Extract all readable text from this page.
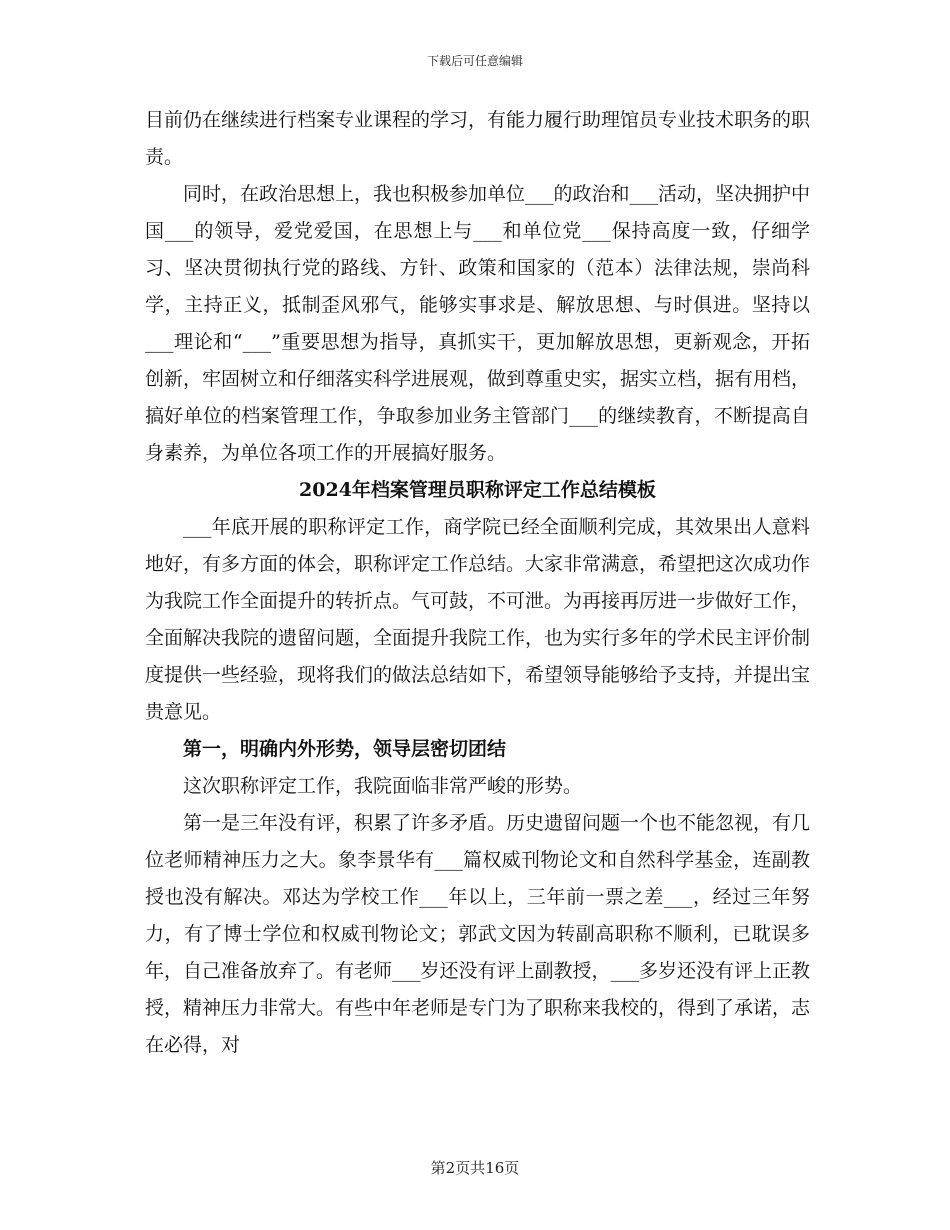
下载后可任意编辑

目前仍在继续进行档案专业课程的学习，有能力履行助理馆员专业技术职务的职责。

同时，在政治思想上，我也积极参加单位___的政治和___活动，坚决拥护中国___的领导，爱党爱国，在思想上与___和单位党___保持高度一致，仔细学习、坚决贯彻执行党的路线、方针、政策和国家的（范本）法律法规，崇尚科学，主持正义，抵制歪风邪气，能够实事求是、解放思想、与时俱进。坚持以___理论和“___”重要思想为指导，真抓实干，更加解放思想，更新观念，开拓创新，牢固树立和仔细落实科学进展观，做到尊重史实，据实立档，据有用档，搞好单位的档案管理工作，争取参加业务主管部门___的继续教育，不断提高自身素养，为单位各项工作的开展搞好服务。

2024年档案管理员职称评定工作总结模板

___年底开展的职称评定工作，商学院已经全面顺利完成，其效果出人意料地好，有多方面的体会，职称评定工作总结。大家非常满意，希望把这次成功作为我院工作全面提升的转折点。气可鼓，不可泄。为再接再厉进一步做好工作，全面解决我院的遗留问题，全面提升我院工作，也为实行多年的学术民主评价制度提供一些经验，现将我们的做法总结如下，希望领导能够给予支持，并提出宝贵意见。

第一，明确内外形势，领导层密切团结

这次职称评定工作，我院面临非常严峻的形势。

第一是三年没有评，积累了许多矛盾。历史遗留问题一个也不能忽视，有几位老师精神压力之大。象李景华有___篇权威刊物论文和自然科学基金，连副教授也没有解决。邓达为学校工作___年以上，三年前一票之差___，经过三年努力，有了博士学位和权威刊物论文；郭武文因为转副高职称不顺利，已耽误多年，自己准备放弃了。有老师___岁还没有评上副教授，___多岁还没有评上正教授，精神压力非常大。有些中年老师是专门为了职称来我校的，得到了承诺，志在必得，对

第2页共16页
